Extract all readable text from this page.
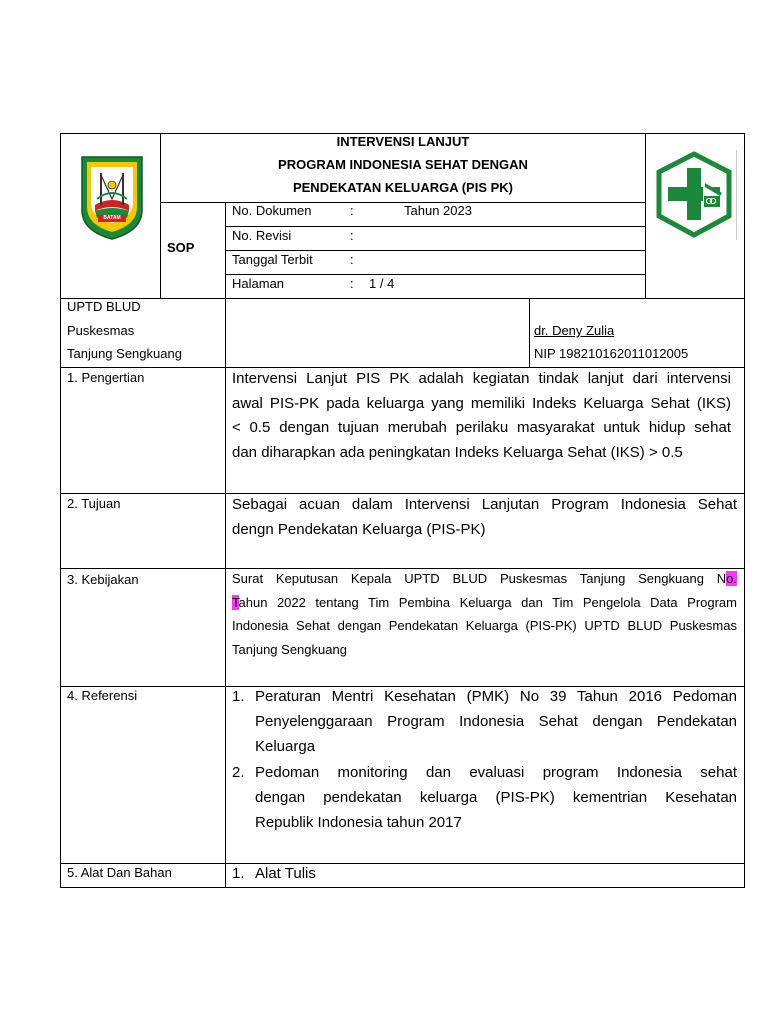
BATAM
INTERVENSI LANJUT
PROGRAM INDONESIA SEHAT DENGAN
PENDEKATAN KELUARGA (PIS PK)
SOP
No. Dokumen	:	Tahun 2023
No. Revisi	:
Tanggal Terbit	:
Halaman	: 1 / 4
UPTD BLUD
Puskesmas
Tanjung Sengkuang
dr. Deny Zulia
NIP 198210162011012005
1. Pengertian	Intervensi Lanjut PIS PK adalah kegiatan tindak lanjut dari intervensi
awal PIS-PK pada keluarga yang memiliki Indeks Keluarga Sehat (IKS)
< 0.5 dengan tujuan merubah perilaku masyarakat untuk hidup sehat
dan diharapkan ada peningkatan Indeks Keluarga Sehat (IKS) > 0.5
2. Tujuan	Sebagai acuan dalam Intervensi Lanjutan Program Indonesia Sehat
dengn Pendekatan Keluarga (PIS-PK)
3. Kebijakan	Surat Keputusan Kepala UPTD BLUD Puskesmas Tanjung Sengkuang No.
Tahun 2022 tentang Tim Pembina Keluarga dan Tim Pengelola Data Program
Indonesia Sehat dengan Pendekatan Keluarga (PIS-PK) UPTD BLUD Puskesmas
Tanjung Sengkuang
4. Referensi	1. Peraturan Mentri Kesehatan (PMK) No 39 Tahun 2016 Pedoman
Penyelenggaraan Program Indonesia Sehat dengan Pendekatan
Keluarga
2. Pedoman monitoring dan evaluasi program Indonesia sehat
dengan pendekatan keluarga (PIS-PK) kementrian Kesehatan
Republik Indonesia tahun 2017
5. Alat Dan Bahan	1. Alat Tulis
